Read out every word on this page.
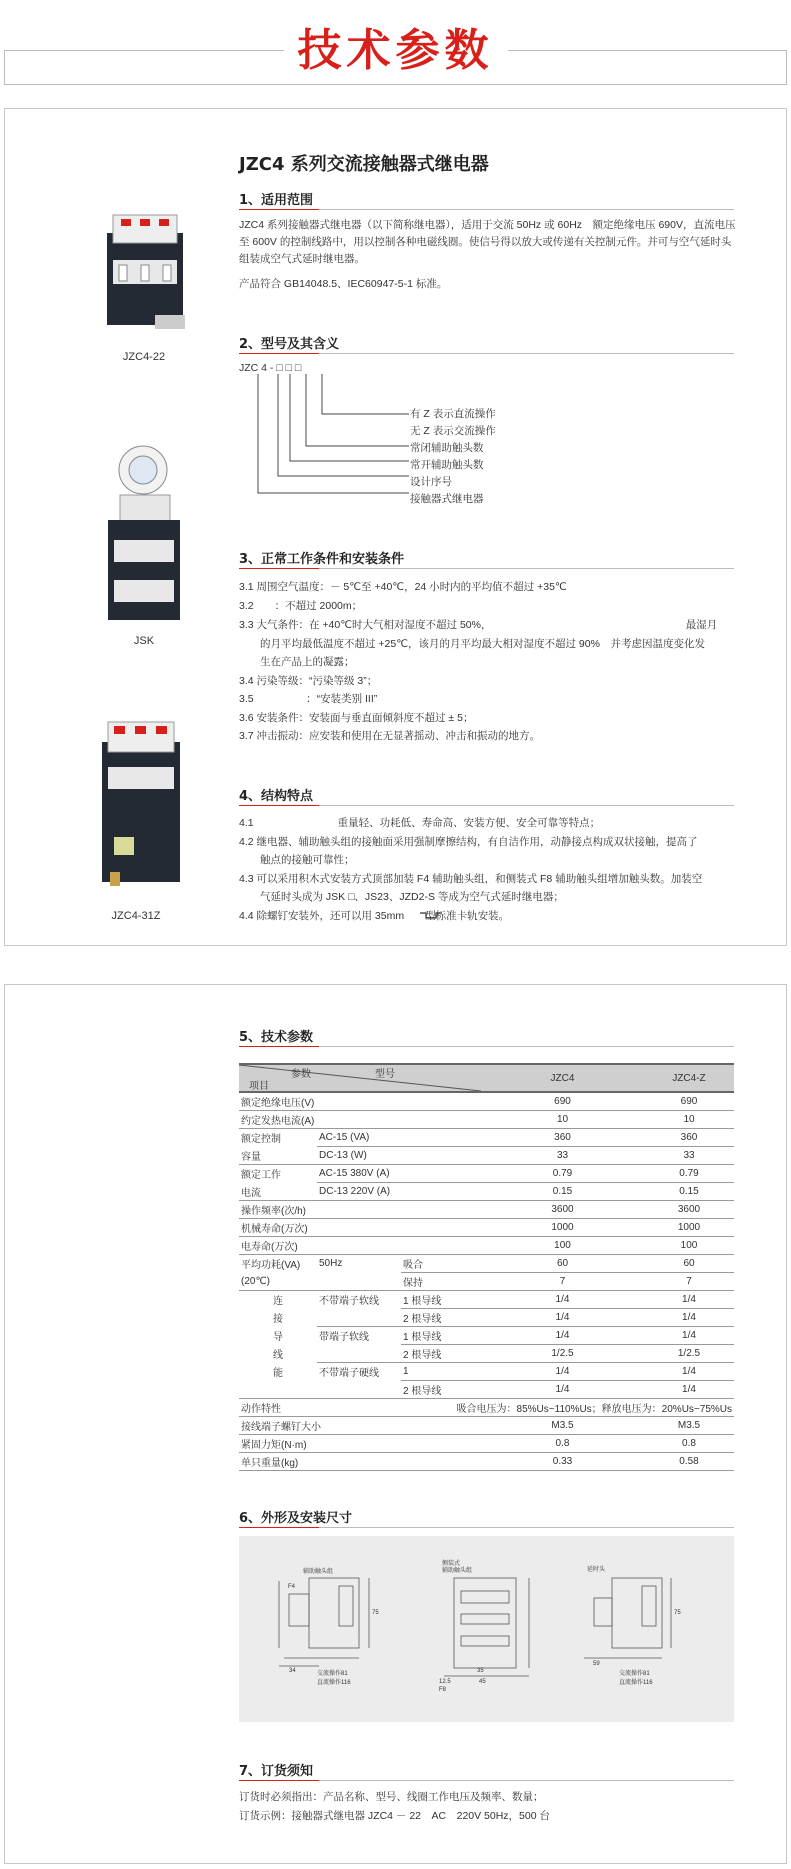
技术参数
JZC4 系列交流接触器式继电器
JZC4-22
JSK
JZC4-31Z
1、适用范围
JZC4 系列接触器式继电器（以下简称继电器），适用于交流 50Hz 或 60Hz　额定绝缘电压 690V，直流电压至 600V 的控制线路中，用以控制各种电磁线圈。使信号得以放大或传递有关控制元件。并可与空气延时头组装成空气式延时继电器。
产品符合 GB14048.5、IEC60947-5-1 标准。
2、型号及其含义
JZC 4 - □ □ □
有 Z 表示直流操作
无 Z 表示交流操作
常闭辅助触头数
常开辅助触头数
设计序号
接触器式继电器
3、正常工作条件和安装条件
3.1 周围空气温度：－ 5℃至 +40℃，24 小时内的平均值不超过 +35℃
3.2　　：不超过 2000m；
3.3 大气条件：在 +40℃时大气相对湿度不超过 50%，　　　　　　　　　　　　　　　　　　　最湿月
　　的月平均最低温度不超过 +25℃，该月的月平均最大相对湿度不超过 90%　并考虑因温度变化发
　　生在产品上的凝露；
3.4 污染等级：“污染等级 3”；
3.5　　　　　：“安装类别 III”
3.6 安装条件：安装面与垂直面倾斜度不超过 ± 5；
3.7 冲击振动：应安装和使用在无显著摇动、冲击和振动的地方。
4、结构特点
4.1　　　　　　　　重量轻、功耗低、寿命高、安装方便、安全可靠等特点；
4.2 继电器、辅助触头组的接触面采用强制摩擦结构，有自洁作用，动静接点构成双状接触，提高了
　　触点的接触可靠性；
4.3 可以采用积木式安装方式顶部加装 F4 辅助触头组，和侧装式 F8 辅助触头组增加触头数。加装空
　　气延时头成为 JSK □、JS23、JZD2-S 等成为空气式延时继电器；
4.4 除螺钉安装外，还可以用 35mm　　型标准卡轨安装。
5、技术参数
参数 型号
项目			JZC4	JZC4-Z
额定绝缘电压(V)			690	690
约定发热电流(A)			10	10
额定控制	AC-15 (VA)		360	360
容量	DC-13 (W)		33	33
额定工作	AC-15 380V (A)		0.79	0.79
电流	DC-13 220V (A)		0.15	0.15
操作频率(次/h)			3600	3600
机械寿命(万次)			1000	1000
电寿命(万次)			100	100
平均功耗(VA)	50Hz	吸合	60	60
(20℃)		保持	7	7
连	不带端子软线	1 根导线	1/4	1/4
接		2 根导线	1/4	1/4
导	带端子软线	1 根导线	1/4	1/4
线		2 根导线	1/2.5	1/2.5
能	不带端子硬线	1	1/4	1/4
		2 根导线	1/4	1/4
动作特性		吸合电压为：85%Us~110%Us；释放电压为：20%Us~75%Us		
接线端子螺钉大小			M3.5	M3.5
紧固力矩(N·m)			0.8	0.8
单只重量(kg)			0.33	0.58
6、外形及安装尺寸
辅助触头组
F4
75
34	交流操作81
直流操作116
侧装式
辅助触头组
12.5
F8
45
35
延时头
75
59
交流操作81
直流操作116
7、订货须知
订货时必须指出：产品名称、型号、线圈工作电压及频率、数量；
订货示例：接触器式继电器 JZC4 － 22　AC　220V 50Hz，500 台
